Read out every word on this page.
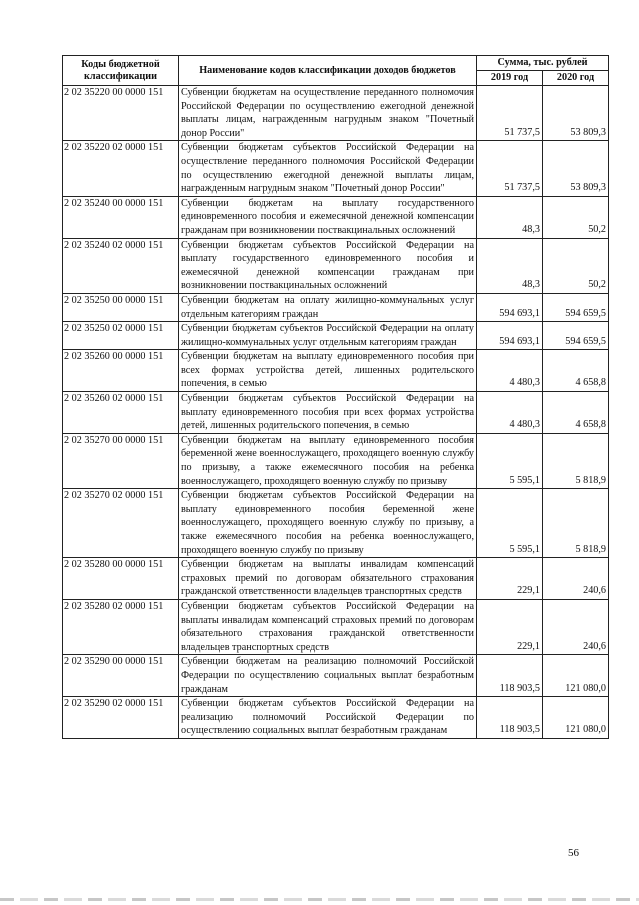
Коды бюджетной классификации	Наименование кодов классификации доходов бюджетов	Сумма, тыс. рублей	
		2019 год	2020 год
2 02 35220 00 0000 151	Субвенции бюджетам на осуществление переданного полномочия Российской Федерации по осуществлению ежегодной денежной выплаты лицам, награжденным нагрудным знаком "Почетный донор России"	51 737,5	53 809,3
2 02 35220 02 0000 151	Субвенции бюджетам субъектов Российской Федерации на осуществление переданного полномочия Российской Федерации по осуществлению ежегодной денежной выплаты лицам, награжденным нагрудным знаком "Почетный донор России"	51 737,5	53 809,3
2 02 35240 00 0000 151	Субвенции бюджетам на выплату государственного единовременного пособия и ежемесячной денежной компенсации гражданам при возникновении поствакцинальных осложнений	48,3	50,2
2 02 35240 02 0000 151	Субвенции бюджетам субъектов Российской Федерации на выплату государственного единовременного пособия и ежемесячной денежной компенсации гражданам при возникновении поствакцинальных осложнений	48,3	50,2
2 02 35250 00 0000 151	Субвенции бюджетам на оплату жилищно-коммунальных услуг отдельным категориям граждан	594 693,1	594 659,5
2 02 35250 02 0000 151	Субвенции бюджетам субъектов Российской Федерации на оплату жилищно-коммунальных услуг отдельным категориям граждан	594 693,1	594 659,5
2 02 35260 00 0000 151	Субвенции бюджетам на выплату единовременного пособия при всех формах устройства детей, лишенных родительского попечения, в семью	4 480,3	4 658,8
2 02 35260 02 0000 151	Субвенции бюджетам субъектов Российской Федерации на выплату единовременного пособия при всех формах устройства детей, лишенных родительского попечения, в семью	4 480,3	4 658,8
2 02 35270 00 0000 151	Субвенции бюджетам на выплату единовременного пособия беременной жене военнослужащего, проходящего военную службу по призыву, а также ежемесячного пособия на ребенка военнослужащего, проходящего военную службу по призыву	5 595,1	5 818,9
2 02 35270 02 0000 151	Субвенции бюджетам субъектов Российской Федерации на выплату единовременного пособия беременной жене военнослужащего, проходящего военную службу по призыву, а также ежемесячного пособия на ребенка военнослужащего, проходящего военную службу по призыву	5 595,1	5 818,9
2 02 35280 00 0000 151	Субвенции бюджетам на выплаты инвалидам компенсаций страховых премий по договорам обязательного страхования гражданской ответственности владельцев транспортных средств	229,1	240,6
2 02 35280 02 0000 151	Субвенции бюджетам субъектов Российской Федерации на выплаты инвалидам компенсаций страховых премий по договорам обязательного страхования гражданской ответственности владельцев транспортных средств	229,1	240,6
2 02 35290 00 0000 151	Субвенции бюджетам на реализацию полномочий Российской Федерации по осуществлению социальных выплат безработным гражданам	118 903,5	121 080,0
2 02 35290 02 0000 151	Субвенции бюджетам субъектов Российской Федерации на реализацию полномочий Российской Федерации по осуществлению социальных выплат безработным гражданам	118 903,5	121 080,0
56
